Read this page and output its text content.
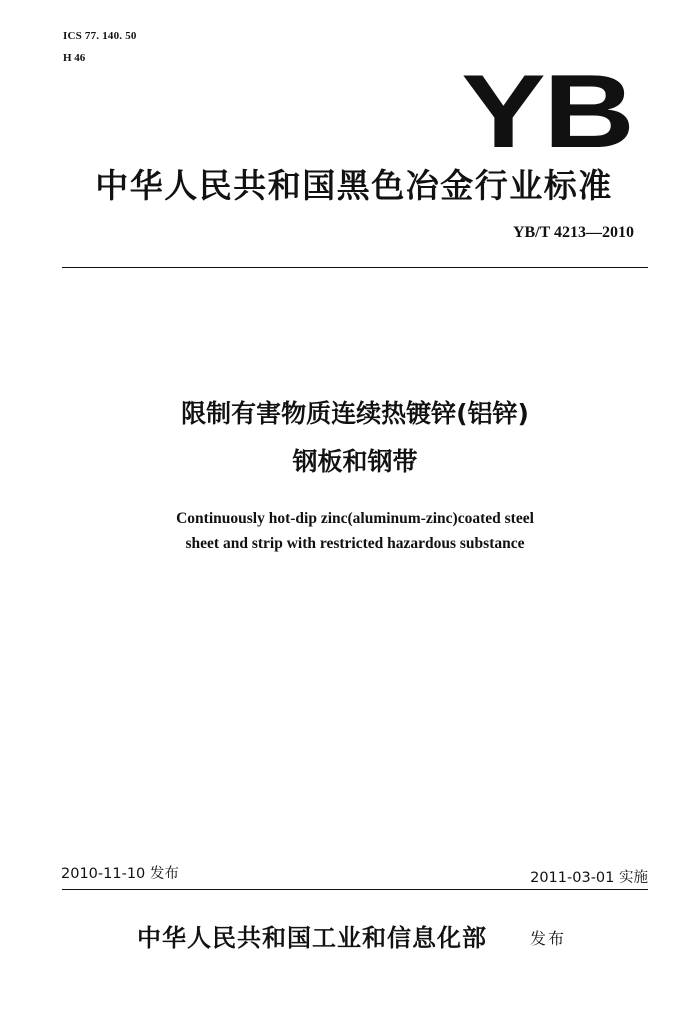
ICS 77. 140. 50
H 46	YB
中华人民共和国黑色冶金行业标准
YB/T 4213—2010
限制有害物质连续热镀锌(铝锌)
钢板和钢带
Continuously hot-dip zinc(aluminum-zinc)coated steel
sheet and strip with restricted hazardous substance
2010-11-10 发布	2011-03-01 实施
中华人民共和国工业和信息化部	发布
